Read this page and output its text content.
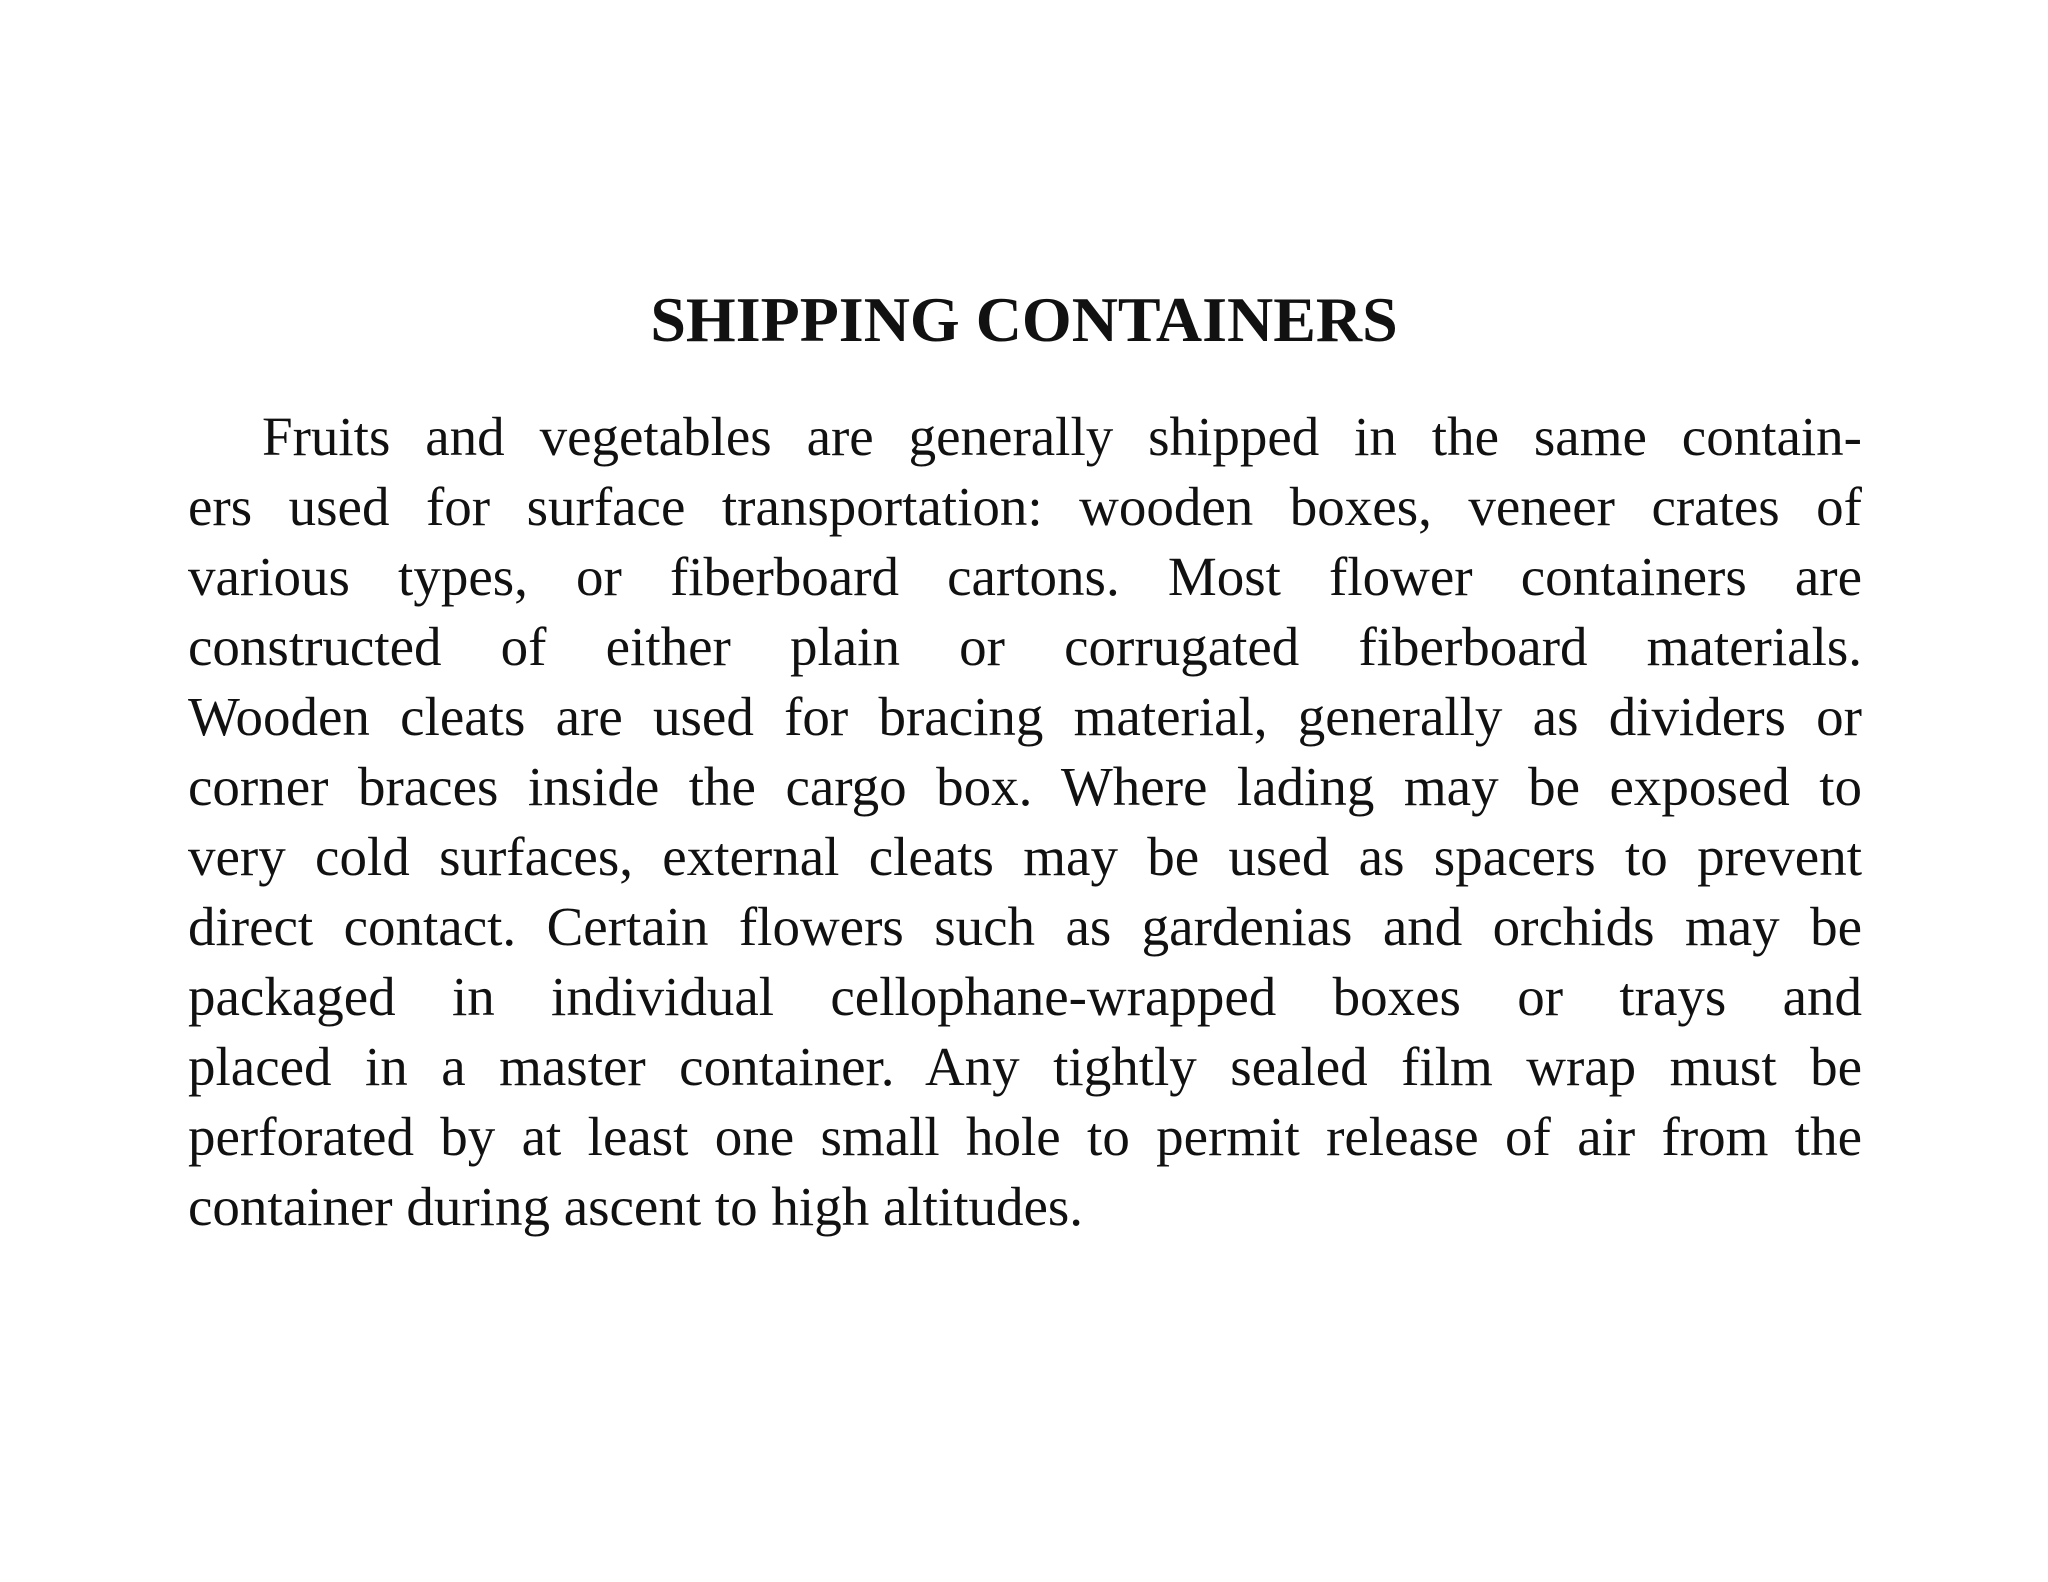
SHIPPING CONTAINERS
Fruits and vegetables are generally shipped in the same contain-
ers used for surface transportation: wooden boxes, veneer crates of
various types, or fiberboard cartons. Most flower containers are
constructed of either plain or corrugated fiberboard materials.
Wooden cleats are used for bracing material, generally as dividers or
corner braces inside the cargo box. Where lading may be exposed to
very cold surfaces, external cleats may be used as spacers to prevent
direct contact. Certain flowers such as gardenias and orchids may be
packaged in individual cellophane-wrapped boxes or trays and
placed in a master container. Any tightly sealed film wrap must be
perforated by at least one small hole to permit release of air from the
container during ascent to high altitudes.
